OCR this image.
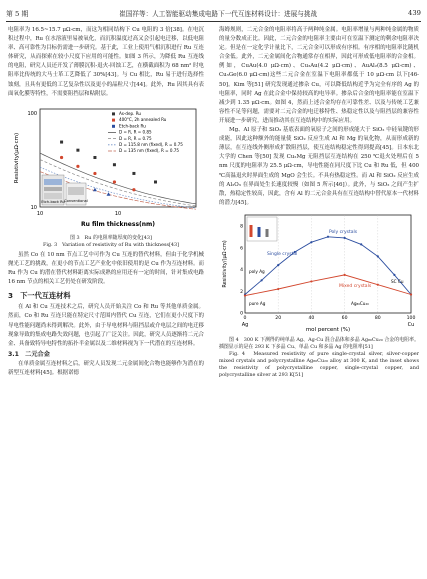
第 5 期	崔国祥等：人工智能驱动集成电路下一代互连材料设计：进展与挑战	439

电阻率为 16.5~15.7 μΩ·cm，而这为相同结构下 Cu 电阻的 3 倍[38]。在电沉积过程中，Ru 在水溶液里易被氧化，而沉积温度过高又会引起电迁移，以低电阻率、高可靠性为目标仍需进一步研究。基于此，工业上使用气相沉积进行 Ru 互连体研究，从而探索在较小尺度下应用的可能性。如图 3 所示，为降低 Ru 互连线的电阻，研究人员还开发了薄膜沉积-退火-回蚀工艺，在横截面积为 68 nm² 时电阻率比传统的大马士革工艺降低了 30%[43]。与 Cu 相比，Ru 易于进行选择性蚀刻，且具有更低的工艺复杂性以及更小的晶粒尺寸[44]。此外，Ru 因其具有表面氧化膜等特性，不需要阻挡层和粘附层。

Etch-back Ru Conventional
As-dep. Ru
400°C, 2h annealed Ru
Etch-back Ru
D = R, R = 0.85
D = R, R = 0.75
D = 115.8 nm (fixed), R = 0.75
D = 135 nm (fixed), R = 0.75
100
10
10	10
Ru film thickness(nm)
Resistivity(μΩ·cm)

图 3　Ru 的电阻率随厚度的变化[43]

Fig. 3　Variation of resistivity of Ru with thickness[43]

虽然 Co 在 10 nm 节点工艺中可作为 Cu 互连的替代材料，但由于化学机械抛光工艺的挑战，在更小的节点工艺产业化中依旧使用的是 Cu 作为互连材料。而 Ru 作为 Cu 的潜在替代材料距离实际成熟的应用还有一定的时间，针对集成电路 16 nm 节点的相关工艺仍处在研发阶段。

3　下一代互连材料

在 Al 和 Cu 互连技术之后，研究人员开始关注 Co 和 Ru 等其他单质金属。然而，Co 和 Ru 互连只能在特定尺寸范围内替代 Cu 互连，它们在更小尺度下的导电性能问题尚未得到解决。此外，由于导电材料与阻挡层或介电层之间的电迁移现象导致的集成电路失效问题，也引起了广泛关注。因此，研究人员逐渐将二元合金、具备致特导电特性的拓扑半金属以及二维材料视为下一代潜在的互连材料。

3.1　二元合金

在单质金属互连材料之后，研究人员发现二元金属间化合物也能够作为潜在的新型互连材料[45]。根据诺德

海姆规则，二元合金的电阻率将高于两种纯金属。电阻率增量与两种纯金属的物质的量分数成正比。因此，二元合金的电阻率主要由可在室温下测定的剩余电阻率决定。但是在一定化学计量比下，二元合金可以形成有序相。有序相的电阻率比随机合金低。此外，二元金属间化合物通常存在相界，因此可形成低电阻率的合金相。例如，CuAu(4.0 μΩ·cm)、Cu₃Au(4.2 μΩ·cm)、AuAl₂(8.5 μΩ·cm)、Cu₃Ge(6.0 μΩ·cm)这些二元合金在室温下电阻率都低于 10 μΩ·cm 以下[46-50]。Kim 等[51] 研究发现通过掺杂 Cu，可以降低结构近乎为完全有序的 Ag 的电阻率，同时 Ag 在此合金中保持较高的电导率。掺杂后合金的电阻率能在室温下减少到 1.35 μΩ·cm。如图 4，然而上述合金均存在可靠性差、以及与传统工艺兼容性不足等问题，需要对二元合金的电迁移特性、热稳定性以及与阻挡层的兼容性开展进一步研究，进而推动其在互连结构中的实际应用。

Mg、Al 原子和 SiO₂ 基底表面的氧原子之间的形成能大于 SiO₂ 中硅氧键的形成能，因此这种额外的能量使 SiO₂ 反应生成 Al 和 Mg 的氧化物，从而形成新的薄层，在互连线外侧形成扩散阻挡层，使互连结构稳定性得到提高[45]。日本东北大学的 Chen 等[50] 发现 Cu₂Mg 无阻挡层互连结构在 250 ℃退火处理后在 5 nm 尺度的电阻率为 25.5 μΩ·cm，导电性能在同尺度下比 Cu 和 Ru 低，但 400 ℃高温退火时界面生成的 MgO 会生长。不具有热稳定性。而 Al 和 SiO₂ 反应生成的 Al₂O₃ 在界面处生长速度较慢（如图 5 所示[46]）。此外，与 SiO₂ 之间产生扩散，热稳定性较高，因此，含有 Al 的二元合金具有在互连结构中替代原本一代材料的潜力[45]。

Poly crystals
Single crystal
Mixed crystals
poly Ag
SC Cu
pure Ag	Ag₈₀Cu₂₀
0	20	40	60	80	100
0
2
4
6
8
Ag	Cu
mol percent (%)
Resistivity/(μΩ·cm)

图 4　300 K 下测得的纯单晶 Ag、Ag-Cu 混合晶体和多晶 Ag₈₀Cu₂₀ 合金的电阻率。插图显示的是在 293 K 下多晶 Cu、单晶 Cu 和多晶 Ag 的电阻率[51]

Fig. 4　Measured resistivity of pure single-crystal silver, silver-copper mixed crystals and polycrystalline Ag₈₀Cu₂₀ alloy at 300 K, and the inset shows the resistivity of polycrystalline copper, single-crystal copper, and polycrystalline silver at 293 K[51]
